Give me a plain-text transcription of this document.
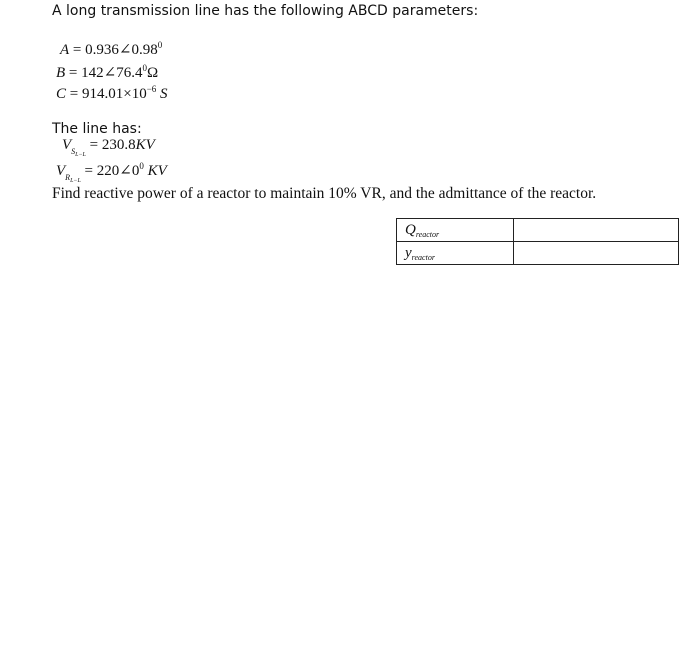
A long transmission line has the following ABCD parameters:
$A = 0.936\angle 0.98^0$
$B = 142\angle 76.4^0\Omega$
$C = 914.01\times 10^{-6}$ S
The line has:
$V_{S_{L-L}} = 230.8KV$
$V_{R_{L-L}}$ = $220\angle 0^0$ KV
Find reactive power of a reactor to maintain 10% VR, and the admittance of the reactor.
$Q_{reactor}$	
$y_{reactor}$	
